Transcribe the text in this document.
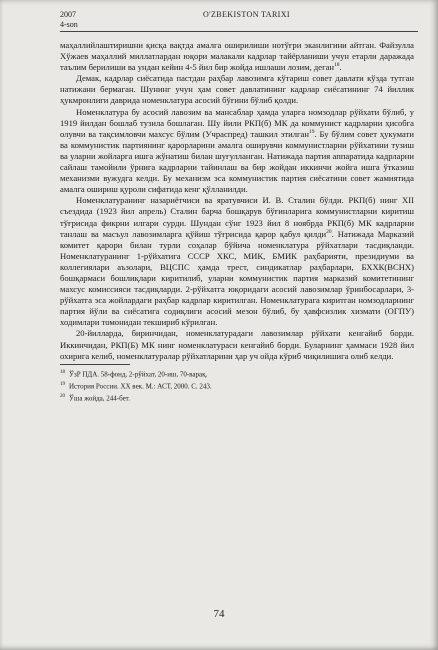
2007
4-son
O'ZBEKISTON TARIXI

маҳаллийлаштиришни қисқа вақтда амалга оширилиши нотўғри эканлигини айтган. Файзулла Хўжаев маҳаллий миллатлардан юқори малакали кадрлар тайёрланиши учун етарли даражада таълим берилиши ва ундан кейин 4-5 йил бир жойда ишлаши лозим, деган$^{18}$.

Демак, кадрлар сиёсатида пастдан раҳбар лавозимга кўтариш совет давлати кўзда тутган натижани бермаган. Шунинг учун ҳам совет давлатининг кадрлар сиёсатининг 74 йиллик ҳукмронлиги даврида номенклатура асосий бўғини бўлиб қолди.

Номенклатура бу асосий лавозим ва мансаблар ҳамда уларга номзодлар рўйхати бўлиб, у 1919 йилдан бошлаб тузила бошлаган. Шу йили РКП(б) МК да коммунист кадрларни ҳисобга олувчи ва тақсимловчи махсус бўлим (Учраспред) ташкил этилган$^{19}$. Бу бўлим совет ҳукумати ва коммунистик партиянинг қарорларини амалга оширувчи коммунистларни рўйхатини тузиш ва уларни жойларга ишга жўнатиш билан шуғулланган. Натижада партия аппаратида кадрларни сайлаш тамойили ўрнига кадрларни тайинлаш ва бир жойдан иккинчи жойга ишга ўтказиш механизми вужудга келди. Бу механизм эса коммунистик партия сиёсатини совет жамиятида амалга ошириш қуроли сифатида кенг қўлланилди.

Номенклатуранинг назариётчиси ва яратувчиси И. В. Сталин бўлди. РКП(б) нинг XII съездида (1923 йил апрель) Сталин барча бошқарув бўғинларига коммунистларни киритиш тўғрисида фикрни илгари сурди. Шундан сўнг 1923 йил 8 ноябрда РКП(б) МК кадрларни танлаш ва масъул лавозимларга қўйиш тўғрисида қарор қабул қилди$^{20}$. Натижада Марказий комитет қарори билан турли соҳалар бўйича номенклатура рўйхатлари тасдиқланди. Номенклатуранинг 1-рўйхатига СССР ХКС, МИК, БМИК раҳбарияти, президиуми ва коллегиялари аъзолари, ВЦСПС ҳамда трест, синдикатлар раҳбарлари, БХХК(ВСНХ) бошқармаси бошлиқлари киритилиб, уларни коммунистик партия марказий комитетининг махсус комиссияси тасдиқларди. 2-рўйхатга юқоридаги асосий лавозимлар ўринбосарлари, 3-рўйхатга эса жойлардаги раҳбар кадрлар киритилган. Номенклатурага киритган номзодларнинг партия йўли ва сиёсатига содиқлиги асосий мезон бўлиб, бу ҳавфсизлик хизмати (ОГПУ) ходимлари томонидан текшириб кўрилган.

20-йилларда, биринчидан, номенклатурадаги лавозимлар рўйхати кенгайиб борди. Иккинчидан, РКП(Б) МК нинг номенклатураси кенгайиб борди. Буларнинг ҳаммаси 1928 йил охирига келиб, номенклатуралар рўйхатларини ҳар уч ойда кўриб чиқилишига олиб келди.

$^{18}$ ЎзР ПДА. 58-фонд, 2-рўйхат, 20-иш, 70-варақ.

$^{19}$ История России. ХХ век. М.: АСТ, 2000. С. 243.

$^{20}$ Ўша жойда, 244-бет.

74
